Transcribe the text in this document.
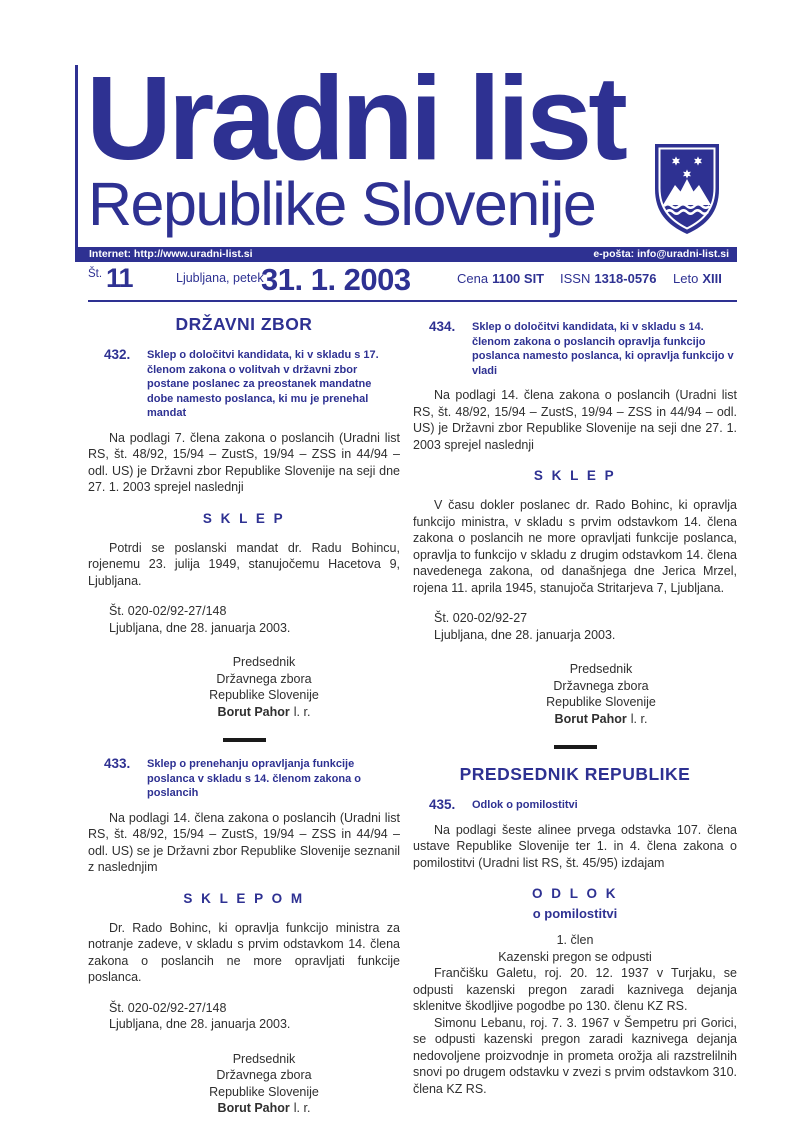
Uradni list
Republike Slovenije
Internet: http://www.uradni-list.si	e-pošta: info@uradni-list.si
Št. 11	Ljubljana, petek
31. 1. 2003	Cena 1100 SIT ISSN 1318-0576 Leto XIII
DRŽAVNI ZBOR
432.	Sklep o določitvi kandidata, ki v skladu s 17. členom zakona o volitvah v državni zbor postane poslanec za preostanek mandatne dobe namesto poslanca, ki mu je prenehal mandat

Na podlagi 7. člena zakona o poslancih (Uradni list RS, št. 48/92, 15/94 – ZustS, 19/94 – ZSS in 44/94 – odl. US) je Državni zbor Republike Slovenije na seji dne 27. 1. 2003 sprejel naslednji

S K L E P

Potrdi se poslanski mandat dr. Radu Bohincu, rojenemu 23. julija 1949, stanujočemu Hacetova 9, Ljubljana.

Št. 020-02/92-27/148
Ljubljana, dne 28. januarja 2003.
Predsednik
Državnega zbora
Republike Slovenije
Borut Pahor l. r.
433.	Sklep o prenehanju opravljanja funkcije poslanca v skladu s 14. členom zakona o poslancih

Na podlagi 14. člena zakona o poslancih (Uradni list RS, št. 48/92, 15/94 – ZustS, 19/94 – ZSS in 44/94 – odl. US) se je Državni zbor Republike Slovenije seznanil z naslednjim

S K L E P O M

Dr. Rado Bohinc, ki opravlja funkcijo ministra za notranje zadeve, v skladu s prvim odstavkom 14. člena zakona o poslancih ne more opravljati funkcije poslanca.

Št. 020-02/92-27/148
Ljubljana, dne 28. januarja 2003.
Predsednik
Državnega zbora
Republike Slovenije
Borut Pahor l. r.
434.	Sklep o določitvi kandidata, ki v skladu s 14. členom zakona o poslancih opravlja funkcijo poslanca namesto poslanca, ki opravlja funkcijo v vladi

Na podlagi 14. člena zakona o poslancih (Uradni list RS, št. 48/92, 15/94 – ZustS, 19/94 – ZSS in 44/94 – odl. US) je Državni zbor Republike Slovenije na seji dne 27. 1. 2003 sprejel naslednji

S K L E P

V času dokler poslanec dr. Rado Bohinc, ki opravlja funkcijo ministra, v skladu s prvim odstavkom 14. člena zakona o poslancih ne more opravljati funkcije poslanca, opravlja to funkcijo v skladu z drugim odstavkom 14. člena navedenega zakona, od današnjega dne Jerica Mrzel, rojena 11. aprila 1945, stanujoča Stritarjeva 7, Ljubljana.

Št. 020-02/92-27
Ljubljana, dne 28. januarja 2003.
Predsednik
Državnega zbora
Republike Slovenije
Borut Pahor l. r.
PREDSEDNIK REPUBLIKE
435.	Odlok o pomilostitvi

Na podlagi šeste alinee prvega odstavka 107. člena ustave Republike Slovenije ter 1. in 4. člena zakona o pomilostitvi (Uradni list RS, št. 45/95) izdajam

O D L O K
o pomilostitvi
1. člen
Kazenski pregon se odpusti

Frančišku Galetu, roj. 20. 12. 1937 v Turjaku, se odpusti kazenski pregon zaradi kaznivega dejanja sklenitve škodljive pogodbe po 130. členu KZ RS.

Simonu Lebanu, roj. 7. 3. 1967 v Šempetru pri Gorici, se odpusti kazenski pregon zaradi kaznivega dejanja nedovoljene proizvodnje in prometa orožja ali razstrelilnih snovi po drugem odstavku v zvezi s prvim odstavkom 310. člena KZ RS.
